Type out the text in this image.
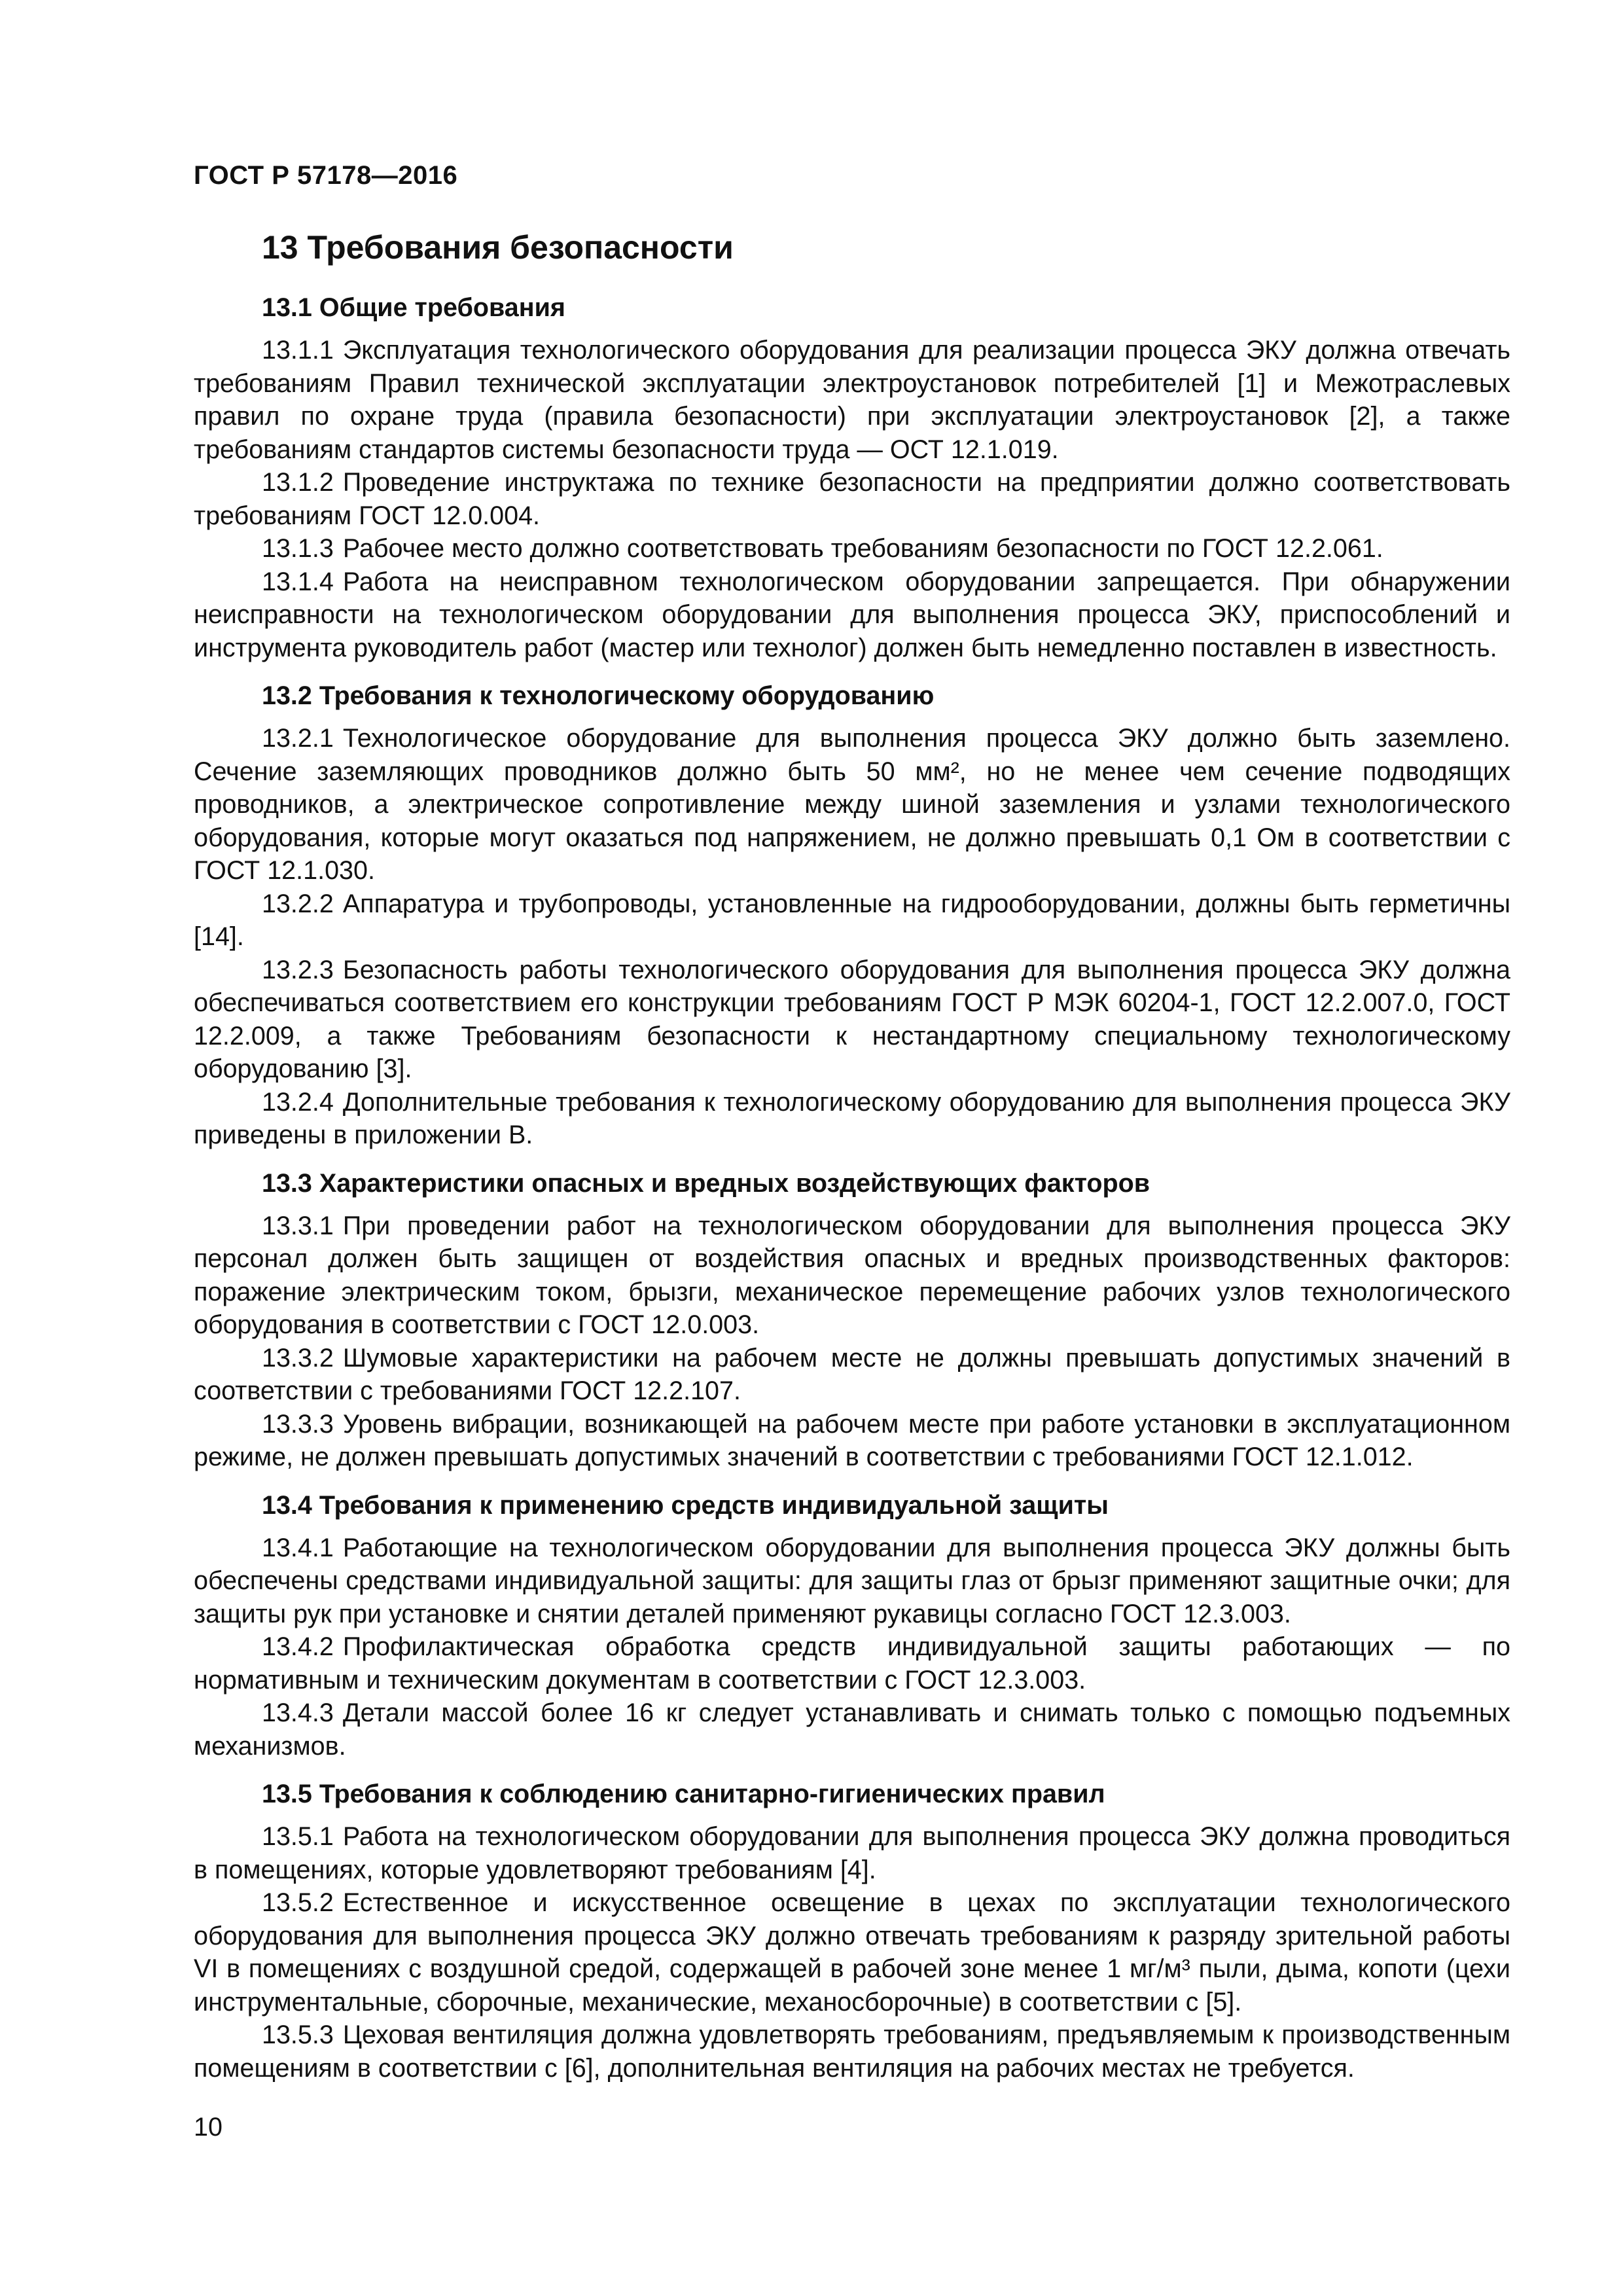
ГОСТ Р 57178—2016
13 Требования безопасности
13.1 Общие требования

13.1.1 Эксплуатация технологического оборудования для реализации процесса ЭКУ должна отвечать требованиям Правил технической эксплуатации электроустановок потребителей [1] и Межотраслевых правил по охране труда (правила безопасности) при эксплуатации электроустановок [2], а также требованиям стандартов системы безопасности труда — ОСТ 12.1.019.

13.1.2 Проведение инструктажа по технике безопасности на предприятии должно соответствовать требованиям ГОСТ 12.0.004.

13.1.3 Рабочее место должно соответствовать требованиям безопасности по ГОСТ 12.2.061.

13.1.4 Работа на неисправном технологическом оборудовании запрещается. При обнаружении неисправности на технологическом оборудовании для выполнения процесса ЭКУ, приспособлений и инструмента руководитель работ (мастер или технолог) должен быть немедленно поставлен в известность.

13.2 Требования к технологическому оборудованию

13.2.1 Технологическое оборудование для выполнения процесса ЭКУ должно быть заземлено. Сечение заземляющих проводников должно быть 50 мм², но не менее чем сечение подводящих проводников, а электрическое сопротивление между шиной заземления и узлами технологического оборудования, которые могут оказаться под напряжением, не должно превышать 0,1 Ом в соответствии с ГОСТ 12.1.030.

13.2.2 Аппаратура и трубопроводы, установленные на гидрооборудовании, должны быть герметичны [14].

13.2.3 Безопасность работы технологического оборудования для выполнения процесса ЭКУ должна обеспечиваться соответствием его конструкции требованиям ГОСТ Р МЭК 60204-1, ГОСТ 12.2.007.0, ГОСТ 12.2.009, а также Требованиям безопасности к нестандартному специальному технологическому оборудованию [3].

13.2.4 Дополнительные требования к технологическому оборудованию для выполнения процесса ЭКУ приведены в приложении В.

13.3 Характеристики опасных и вредных воздействующих факторов

13.3.1 При проведении работ на технологическом оборудовании для выполнения процесса ЭКУ персонал должен быть защищен от воздействия опасных и вредных производственных факторов: поражение электрическим током, брызги, механическое перемещение рабочих узлов технологического оборудования в соответствии с ГОСТ 12.0.003.

13.3.2 Шумовые характеристики на рабочем месте не должны превышать допустимых значений в соответствии с требованиями ГОСТ 12.2.107.

13.3.3 Уровень вибрации, возникающей на рабочем месте при работе установки в эксплуатационном режиме, не должен превышать допустимых значений в соответствии с требованиями ГОСТ 12.1.012.

13.4 Требования к применению средств индивидуальной защиты

13.4.1 Работающие на технологическом оборудовании для выполнения процесса ЭКУ должны быть обеспечены средствами индивидуальной защиты: для защиты глаз от брызг применяют защитные очки; для защиты рук при установке и снятии деталей применяют рукавицы согласно ГОСТ 12.3.003.

13.4.2 Профилактическая обработка средств индивидуальной защиты работающих — по нормативным и техническим документам в соответствии с ГОСТ 12.3.003.

13.4.3 Детали массой более 16 кг следует устанавливать и снимать только с помощью подъемных механизмов.

13.5 Требования к соблюдению санитарно-гигиенических правил

13.5.1 Работа на технологическом оборудовании для выполнения процесса ЭКУ должна проводиться в помещениях, которые удовлетворяют требованиям [4].

13.5.2 Естественное и искусственное освещение в цехах по эксплуатации технологического оборудования для выполнения процесса ЭКУ должно отвечать требованиям к разряду зрительной работы VI в помещениях с воздушной средой, содержащей в рабочей зоне менее 1 мг/м³ пыли, дыма, копоти (цехи инструментальные, сборочные, механические, механосборочные) в соответствии с [5].

13.5.3 Цеховая вентиляция должна удовлетворять требованиям, предъявляемым к производственным помещениям в соответствии с [6], дополнительная вентиляция на рабочих местах не требуется.

10
